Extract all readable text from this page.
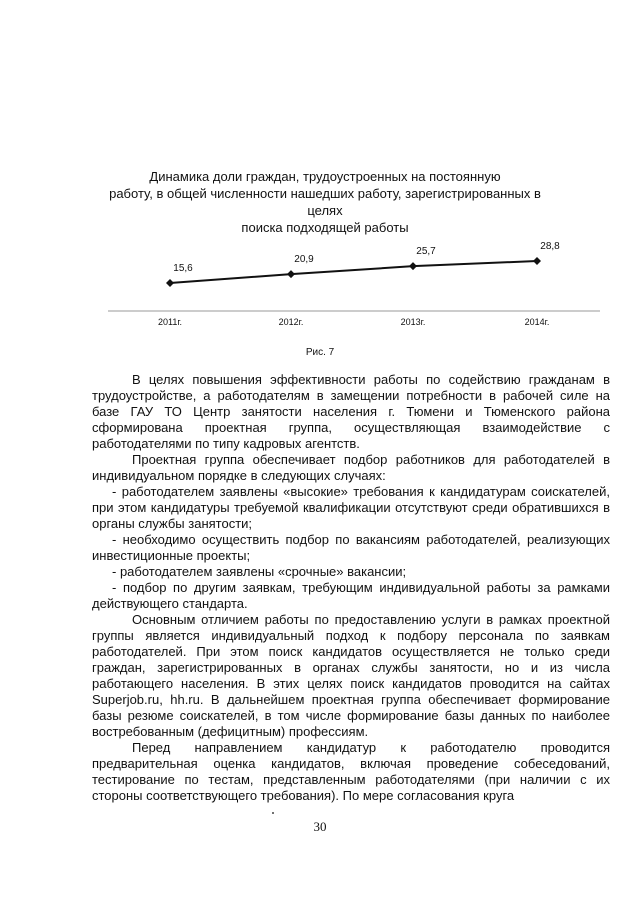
Динамика доли граждан, трудоустроенных на постоянную
работу, в общей численности нашедших работу, зарегистрированных в целях
поиска подходящей работы
15,6
20,9
25,7	28,8
2011г.	2012г.	2013г.	2014г.
Рис. 7

В целях повышения эффективности работы по содействию гражданам в трудоустройстве, а работодателям в замещении потребности в рабочей силе на базе ГАУ ТО Центр занятости населения г. Тюмени и Тюменского района сформирована проектная группа, осуществляющая взаимодействие с работодателями по типу кадровых агентств.

Проектная группа обеспечивает подбор работников для работодателей в индивидуальном порядке в следующих случаях:

- работодателем заявлены «высокие» требования к кандидатурам соискателей, при этом кандидатуры требуемой квалификации отсутствуют среди обратившихся в органы службы занятости;

- необходимо осуществить подбор по вакансиям работодателей, реализующих инвестиционные проекты;

- работодателем заявлены «срочные» вакансии;

- подбор по другим заявкам, требующим индивидуальной работы за рамками действующего стандарта.

Основным отличием работы по предоставлению услуги в рамках проектной группы является индивидуальный подход к подбору персонала по заявкам работодателей. При этом поиск кандидатов осуществляется не только среди граждан, зарегистрированных в органах службы занятости, но и из числа работающего населения. В этих целях поиск кандидатов проводится на сайтах Superjob.ru, hh.ru. В дальнейшем проектная группа обеспечивает формирование базы резюме соискателей, в том числе формирование базы данных по наиболее востребованным (дефицитным) профессиям.

Перед направлением кандидатур к работодателю проводится предварительная оценка кандидатов, включая проведение собеседований, тестирование по тестам, представленным работодателями (при наличии с их стороны соответствующего требования). По мере согласования круга

30
